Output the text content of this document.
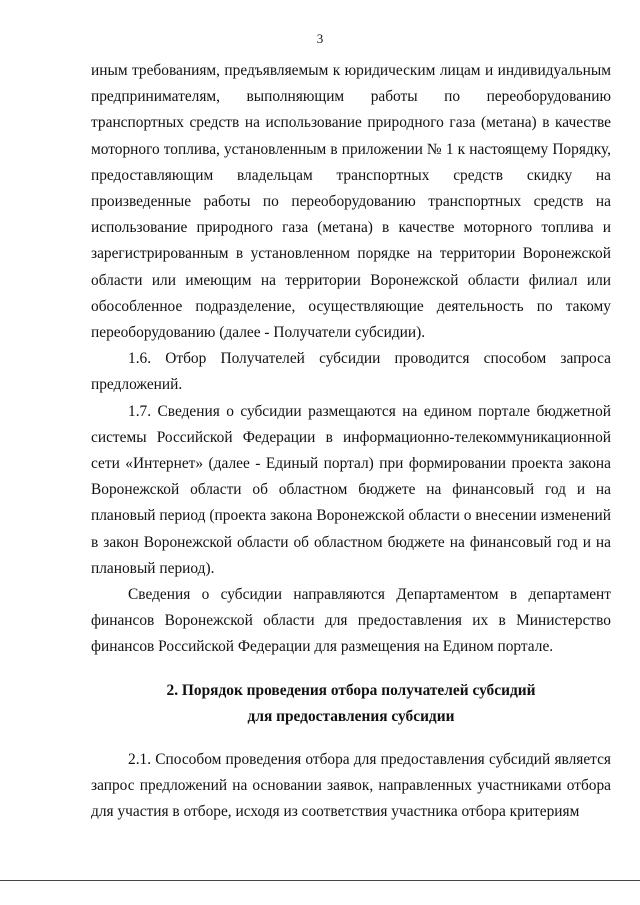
3

иным требованиям, предъявляемым к юридическим лицам и индивидуальным предпринимателям, выполняющим работы по переоборудованию транспортных средств на использование природного газа (метана) в качестве моторного топлива, установленным в приложении № 1 к настоящему Порядку, предоставляющим владельцам транспортных средств скидку на произведенные работы по переоборудованию транспортных средств на использование природного газа (метана) в качестве моторного топлива и зарегистрированным в установленном порядке на территории Воронежской области или имеющим на территории Воронежской области филиал или обособленное подразделение, осуществляющие деятельность по такому переоборудованию (далее - Получатели субсидии).

1.6. Отбор Получателей субсидии проводится способом запроса предложений.

1.7. Сведения о субсидии размещаются на едином портале бюджетной системы Российской Федерации в информационно-телекоммуникационной сети «Интернет» (далее - Единый портал) при формировании проекта закона Воронежской области об областном бюджете на финансовый год и на плановый период (проекта закона Воронежской области о внесении изменений в закон Воронежской области об областном бюджете на финансовый год и на плановый период).

Сведения о субсидии направляются Департаментом в департамент финансов Воронежской области для предоставления их в Министерство финансов Российской Федерации для размещения на Едином портале.

2. Порядок проведения отбора получателей субсидий

для предоставления субсидии

2.1. Способом проведения отбора для предоставления субсидий является запрос предложений на основании заявок, направленных участниками отбора для участия в отборе, исходя из соответствия участника отбора критериям
